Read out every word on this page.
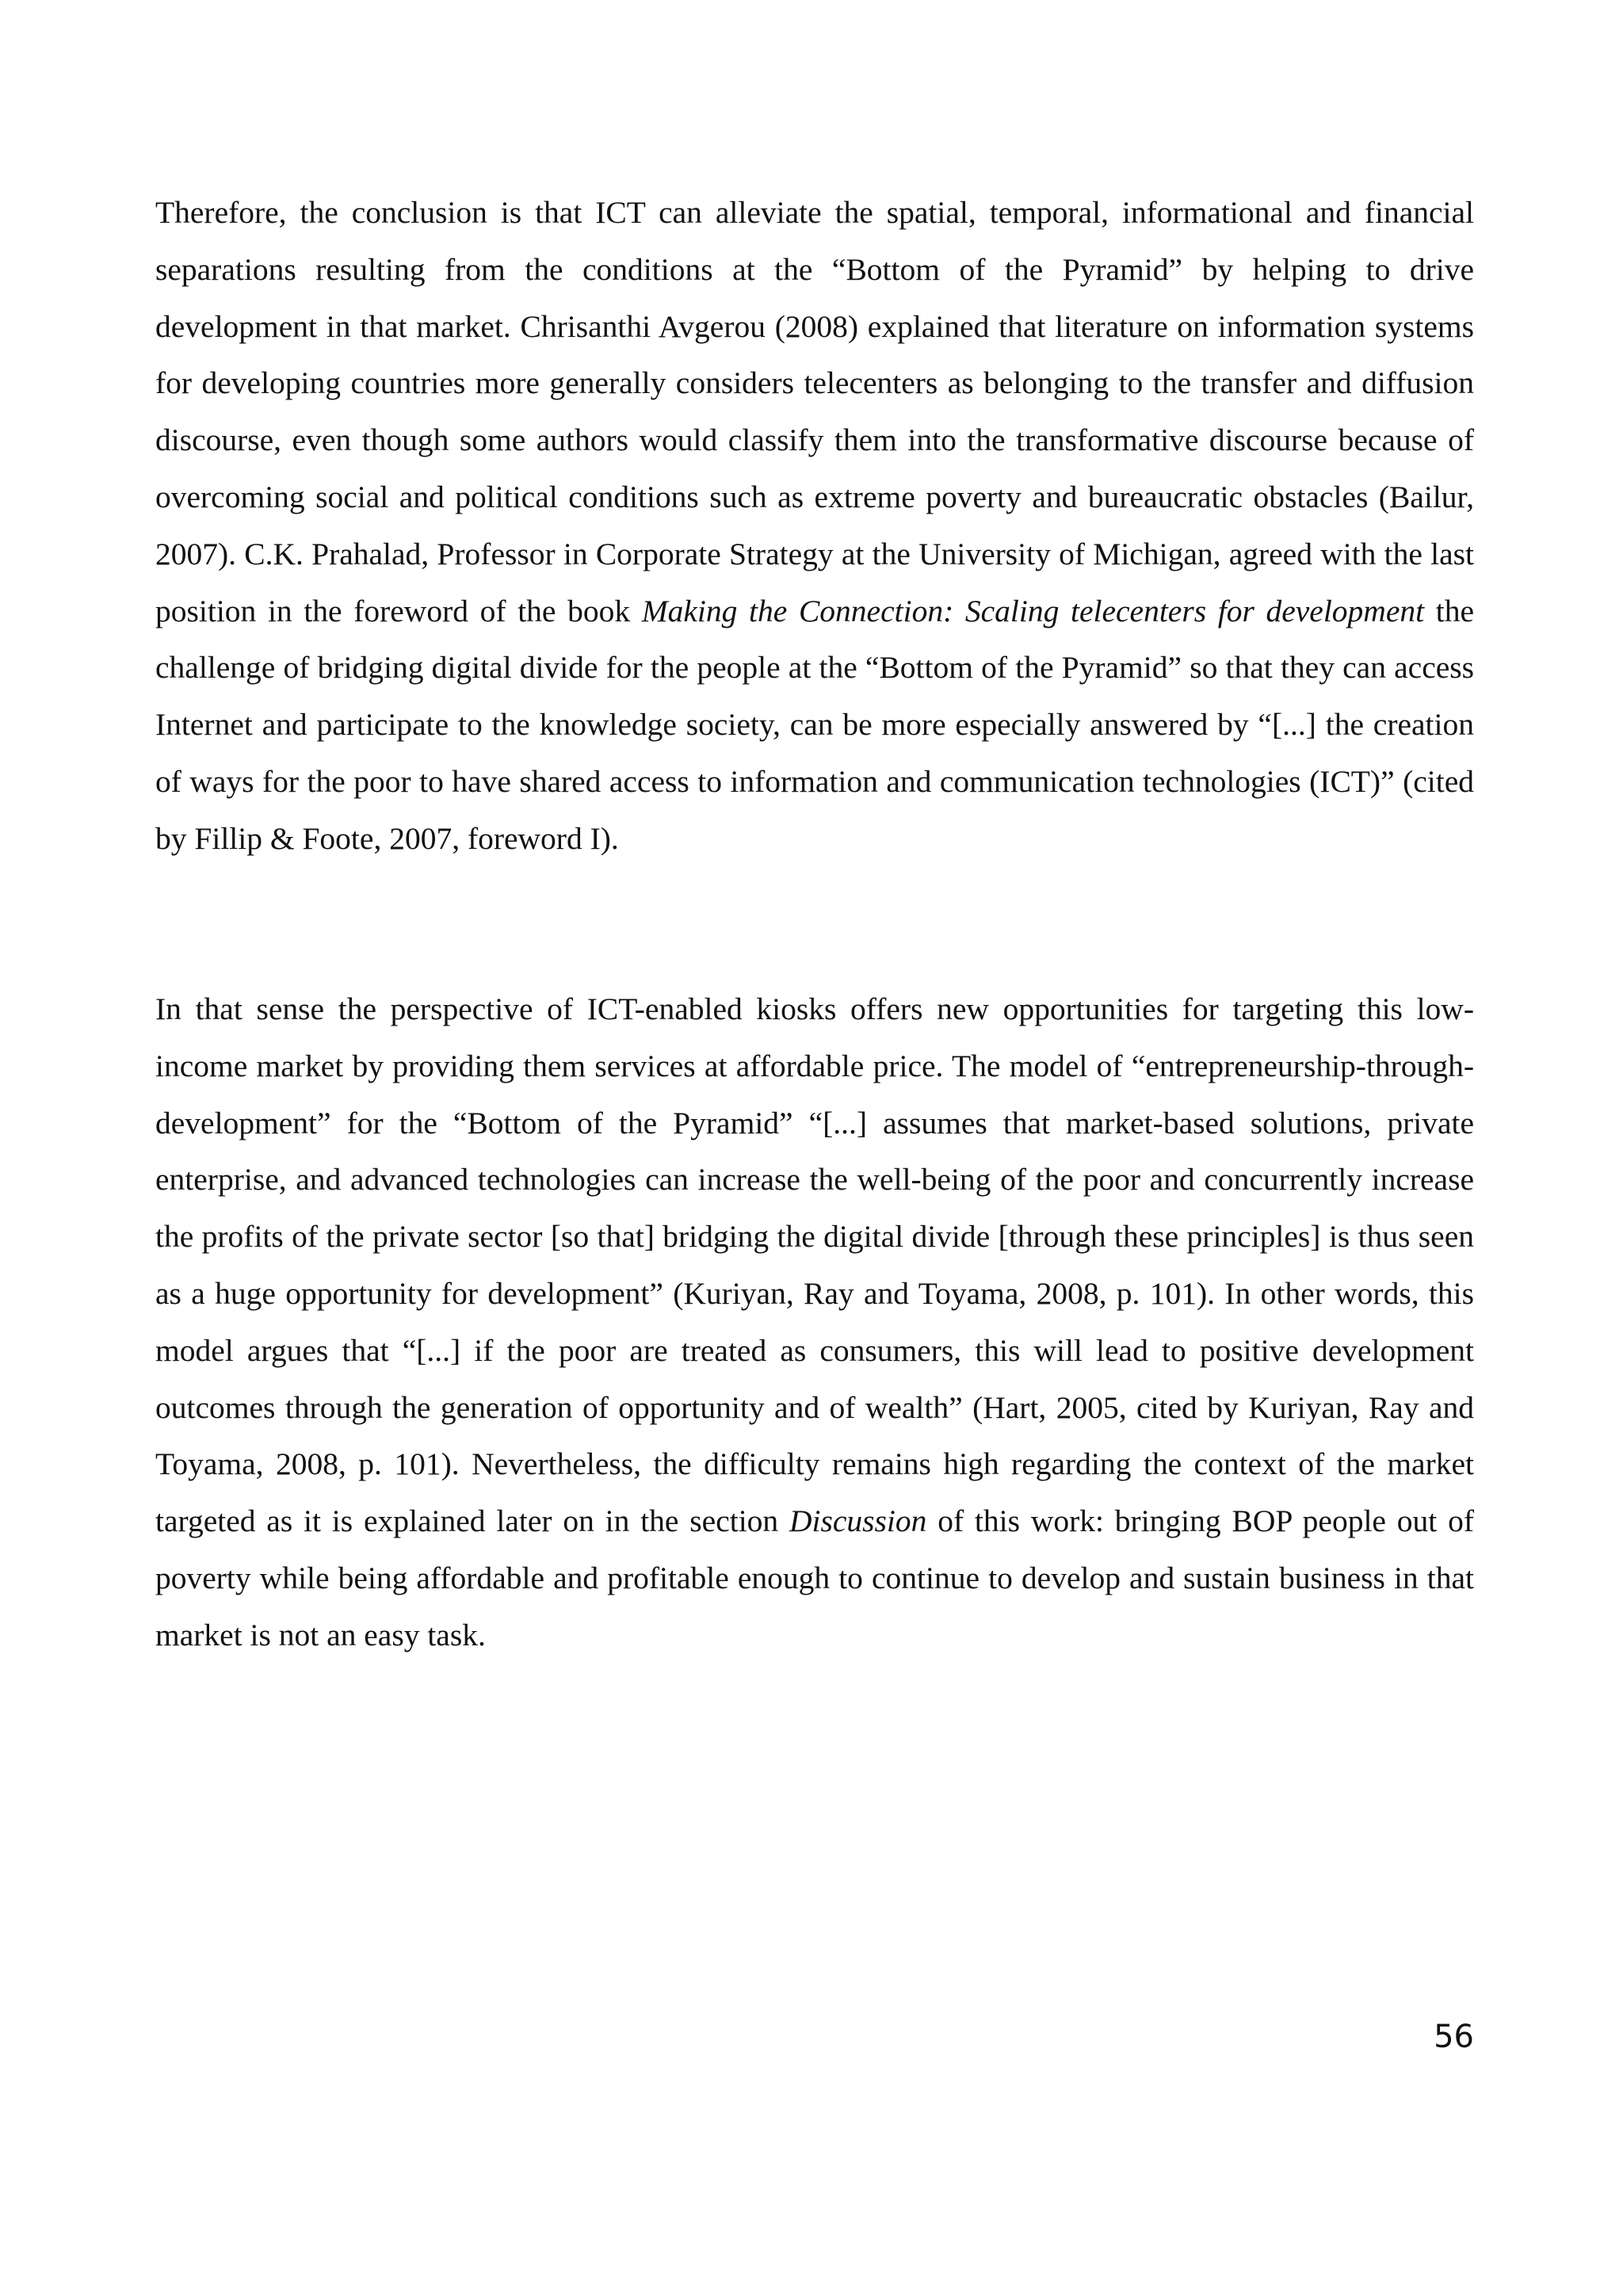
Therefore, the conclusion is that ICT can alleviate the spatial, temporal, informational and financial separations resulting from the conditions at the “Bottom of the Pyramid” by helping to drive development in that market. Chrisanthi Avgerou (2008) explained that literature on information systems for developing countries more generally considers telecenters as belonging to the transfer and diffusion discourse, even though some authors would classify them into the transformative discourse because of overcoming social and political conditions such as extreme poverty and bureaucratic obstacles (Bailur, 2007). C.K. Prahalad, Professor in Corporate Strategy at the University of Michigan, agreed with the last position in the foreword of the book Making the Connection: Scaling telecenters for development the challenge of bridging digital divide for the people at the “Bottom of the Pyramid” so that they can access Internet and participate to the knowledge society, can be more especially answered by “[...] the creation of ways for the poor to have shared access to information and communication technologies (ICT)” (cited by Fillip & Foote, 2007, foreword I).

In that sense the perspective of ICT-enabled kiosks offers new opportunities for targeting this low-income market by providing them services at affordable price. The model of “entrepreneurship-through-development” for the “Bottom of the Pyramid” “[...] assumes that market-based solutions, private enterprise, and advanced technologies can increase the well-being of the poor and concurrently increase the profits of the private sector [so that] bridging the digital divide [through these principles] is thus seen as a huge opportunity for development” (Kuriyan, Ray and Toyama, 2008, p. 101). In other words, this model argues that “[...] if the poor are treated as consumers, this will lead to positive development outcomes through the generation of opportunity and of wealth” (Hart, 2005, cited by Kuriyan, Ray and Toyama, 2008, p. 101). Nevertheless, the difficulty remains high regarding the context of the market targeted as it is explained later on in the section Discussion of this work: bringing BOP people out of poverty while being affordable and profitable enough to continue to develop and sustain business in that market is not an easy task.

56
